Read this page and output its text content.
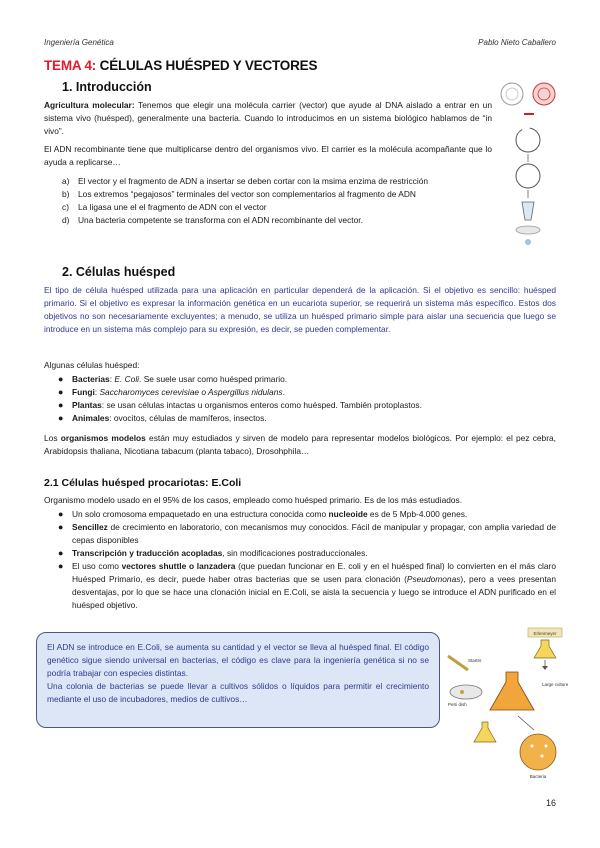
Ingeniería Genética	Pablo Nieto Caballero
TEMA 4: CÉLULAS HUÉSPED Y VECTORES
1. Introducción
Agricultura molecular: Tenemos que elegir una molécula carrier (vector) que ayude al DNA aislado a entrar en un sistema vivo (huésped), generalmente una bacteria. Cuando lo introducimos en un sistema biológico hablamos de “in vivo”.
El ADN recombinante tiene que multiplicarse dentro del organismos vivo. El carrier es la molécula acompañante que lo ayuda a replicarse…
a) El vector y el fragmento de ADN a insertar se deben cortar con la msima enzima de restricción
b) Los extremos “pegajosos” terminales del vector son complementarios al fragmento de ADN
c) La ligasa une el el fragmento de ADN con el vector
d) Una bacteria competente se transforma con el ADN recombinante del vector.
2. Células huésped
El tipo de célula huésped utilizada para una aplicación en particular dependerá de la aplicación. Si el objetivo es sencillo: huésped primario. Si el objetivo es expresar la información genética en un eucariota superior, se requerirá un sistema más específico. Estos dos objetivos no son necesariamente excluyentes; a menudo, se utiliza un huésped primario simple para aislar una secuencia que luego se introduce en un sistema más complejo para su expresión, es decir, se pueden complementar.
Algunas células huésped:
● Bacterias: E. Coli. Se suele usar como huésped primario.
● Fungi: Saccharomyces cerevisiae o Aspergillus nidulans.
● Plantas: se usan células intactas u organismos enteros como huésped. También protoplastos.
● Animales: ovocitos, células de mamíferos, insectos.
Los organismos modelos están muy estudiados y sirven de modelo para representar modelos biológicos. Por ejemplo: el pez cebra, Arabidopsis thaliana, Nicotiana tabacum (planta tabaco), Drosohphila…
2.1 Células huésped procariotas: E.Coli
Organismo modelo usado en el 95% de los casos, empleado como huésped primario. Es de los más estudiados.
● Un solo cromosoma empaquetado en una estructura conocida como nucleoide es de 5 Mpb-4.000 genes.
● Sencillez de crecimiento en laboratorio, con mecanismos muy conocidos. Fácil de manipular y propagar, con amplia variedad de cepas disponibles
● Transcripción y traducción acopladas, sin modificaciones postraduccionales.
● El uso como vectores shuttle o lanzadera (que puedan funcionar en E. coli y en el huésped final) lo convierten en el más claro Huésped Primario, es decir, puede haber otras bacterias que se usen para clonación (Pseudomonas), pero a vees presentan desventajas, por lo que se hace una clonación inicial en E.Coli, se aisla la secuencia y luego se introduce el ADN purificado en el huésped objetivo.
El ADN se introduce en E.Coli, se aumenta su cantidad y el vector se lleva al huésped final. El código genético sigue siendo universal en bacterias, el código es clave para la ingeniería genética si no se podría trabajar con especies distintas.
Una colonia de bacterias se puede llevar a cultivos sólidos o líquidos para permitir el crecimiento mediante el uso de incubadores, medios de cultivos…
Erlenmeyer
Large culture
Starter
Petri dish
Bacteria
16
